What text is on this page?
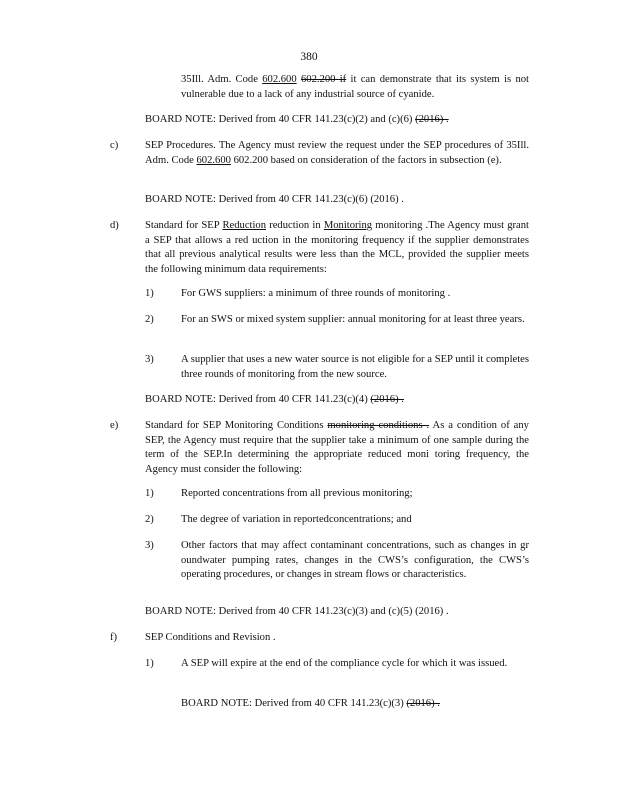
380
35Ill. Adm. Code 602.600 602.200 if it can demonstrate that its system is not vulnerable due to a lack of any industrial source of cyanide.
BOARD NOTE: Derived from 40 CFR 141.23(c)(2) and (c)(6) (2016) .
c)	SEP Procedures. The Agency must review the request under the SEP procedures of 35Ill. Adm. Code 602.600 602.200 based on consideration of the factors in subsection (e).
BOARD NOTE: Derived from 40 CFR 141.23(c)(6) (2016) .
d) Standard for SEP Reduction reduction in Monitoring monitoring .The Agency must grant a SEP that allows a red uction in the monitoring frequency if the supplier demonstrates that all previous analytical results were less than the MCL, provided the supplier meets the following minimum data requirements:
1)	For GWS suppliers: a minimum of three rounds of monitoring .
2)	For an SWS or mixed system supplier: annual monitoring for at least three years.
3)	A supplier that uses a new water source is not eligible for a SEP until it completes three rounds of monitoring from the new source.
BOARD NOTE: Derived from 40 CFR 141.23(c)(4) (2016) .
e)	Standard for SEP Monitoring Conditions monitoring conditions . As a condition of any SEP, the Agency must require that the supplier take a minimum of one sample during the term of the SEP.In determining the appropriate reduced moni toring frequency, the Agency must consider the following:
1)	Reported concentrations from all previous monitoring;
2)	The degree of variation in reportedconcentrations; and
3)	Other factors that may affect contaminant concentrations, such as changes in gr oundwater pumping rates, changes in the CWS’s configuration, the CWS’s operating procedures, or changes in stream flows or characteristics.
BOARD NOTE: Derived from 40 CFR 141.23(c)(3) and (c)(5) (2016) .
f)	SEP Conditions and Revision .
1)	A SEP will expire at the end of the compliance cycle for which it was issued.
BOARD NOTE: Derived from 40 CFR 141.23(c)(3) (2016) .
